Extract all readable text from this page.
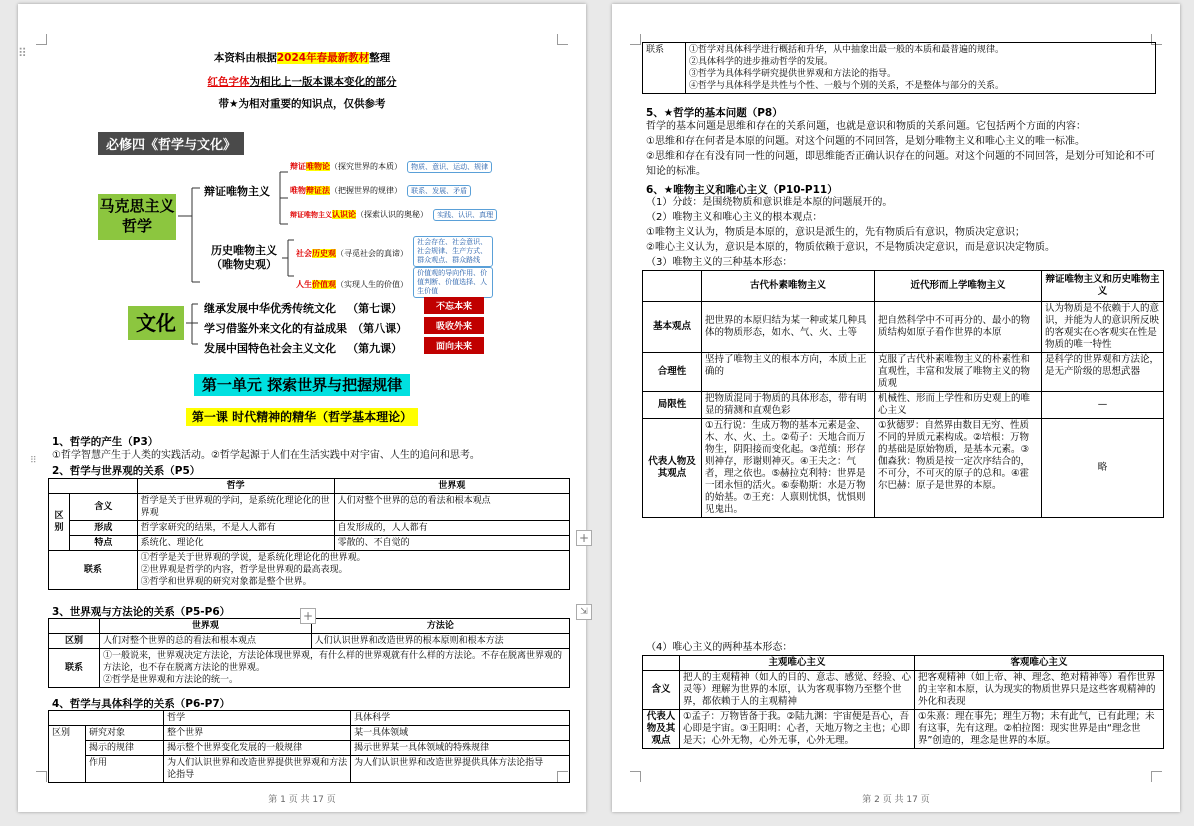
⠿	本资料由根据2024年春最新教材整理
红色字体为相比上一版本课本变化的部分
带★为相对重要的知识点，仅供参考
必修四《哲学与文化》
马克思主义哲学
辩证唯物主义
历史唯物主义（唯物史观）
辩证唯物论（探究世界的本质） 物质、意识、运动、规律
唯物辩证法（把握世界的规律） 联系、发展、矛盾
辩证唯物主义认识论（探索认识的奥秘） 实践、认识、真理
社会历史观（寻觅社会的真谛） 社会存在、社会意识、社会规律、生产方式、群众观点、群众路线
人生价值观（实现人生的价值） 价值观的导向作用、价值判断、价值选择、人生价值
文化
继承发展中华优秀传统文化 （第七课）	不忘本来
学习借鉴外来文化的有益成果 （第八课）	吸收外来
发展中国特色社会主义文化 （第九课）	面向未来
第一单元 探索世界与把握规律
第一课 时代精神的精华（哲学基本理论）
1、哲学的产生（P3）
①哲学智慧产生于人类的实践活动。②哲学起源于人们在生活实践中对宇宙、人生的追问和思考。
⠿
2、哲学与世界观的关系（P5）
		哲学	世界观
区别	含义	哲学是关于世界观的学问，是系统化理论化的世界观	人们对整个世界的总的看法和根本观点
	形成	哲学家研究的结果，不是人人都有	自发形成的，人人都有
	特点	系统化、理论化	零散的、不自觉的
联系		①哲学是关于世界观的学说，是系统化理论化的世界观。
②世界观是哲学的内容，哲学是世界观的最高表现。
③哲学和世界观的研究对象都是整个世界。	
3、世界观与方法论的关系（P5-P6）
	世界观	方法论
区别	人们对整个世界的总的看法和根本观点	人们认识世界和改造世界的根本原则和根本方法
联系	①一般说来，世界观决定方法论，方法论体现世界观，有什么样的世界观就有什么样的方法论。不存在脱离世界观的方法论，也不存在脱离方法论的世界观。
②哲学是世界观和方法论的统一。	
4、哲学与具体科学的关系（P6-P7）
		哲学	具体科学
区别	研究对象	整个世界	某一具体领域
	揭示的规律	揭示整个世界变化发展的一般规律	揭示世界某一具体领域的特殊规律
	作用	为人们认识世界和改造世界提供世界观和方法论指导	为人们认识世界和改造世界提供具体方法论指导
第 1 页 共 17 页
+
⇲
+
联系	①哲学对具体科学进行概括和升华，从中抽象出最一般的本质和最普遍的规律。
②具体科学的进步推动哲学的发展。
③哲学为具体科学研究提供世界观和方法论的指导。
④哲学与具体科学是共性与个性、一般与个别的关系，不是整体与部分的关系。
5、★哲学的基本问题（P8）
哲学的基本问题是思维和存在的关系问题，也就是意识和物质的关系问题。它包括两个方面的内容：
①思维和存在何者是本原的问题。对这个问题的不同回答，是划分唯物主义和唯心主义的唯一标准。
②思维和存在有没有同一性的问题，即思维能否正确认识存在的问题。对这个问题的不同回答，是划分可知论和不可知论的标准。
6、★唯物主义和唯心主义（P10-P11）
（1）分歧：是围绕物质和意识谁是本原的问题展开的。
（2）唯物主义和唯心主义的根本观点：
①唯物主义认为，物质是本原的，意识是派生的，先有物质后有意识，物质决定意识；
②唯心主义认为，意识是本原的，物质依赖于意识，不是物质决定意识，而是意识决定物质。
（3）唯物主义的三种基本形态：
	古代朴素唯物主义	近代形而上学唯物主义	辩证唯物主义和历史唯物主义
基本观点	把世界的本原归结为某一种或某几种具体的物质形态，如水、气、火、土等	把自然科学中不可再分的、最小的物质结构如原子看作世界的本原	认为物质是不依赖于人的意识，并能为人的意识所反映的客观实在◇客观实在性是物质的唯一特性
合理性	坚持了唯物主义的根本方向，本质上正确的	克服了古代朴素唯物主义的朴素性和直观性，丰富和发展了唯物主义的物质观	是科学的世界观和方法论，是无产阶级的思想武器
局限性	把物质混同于物质的具体形态，带有明显的猜测和直观色彩	机械性、形而上学性和历史观上的唯心主义	—
代表人物及其观点	①五行说：生成万物的基本元素是金、木、水、火、土。②荀子：天地合而万物生，阴阳接而变化起。③范缜：形存则神存，形谢则神灭。④王夫之：气者，理之依也。⑤赫拉克利特：世界是一团永恒的活火。⑥泰勒斯：水是万物的始基。⑦王充：人禀则忧惧，忧惧则见鬼出。	①狄德罗：自然界由数目无穷、性质不同的异质元素构成。②培根：万物的基础是原始物质，是基本元素。③伽森狄：物质是按一定次序结合的，不可分，不可灭的原子的总和。④霍尔巴赫：原子是世界的本原。	略
（4）唯心主义的两种基本形态：
	主观唯心主义	客观唯心主义
含义	把人的主观精神（如人的目的、意志、感觉、经验、心灵等）理解为世界的本原，认为客观事物乃至整个世界，都依赖于人的主观精神	把客观精神（如上帝、神、理念、绝对精神等）看作世界的主宰和本原，认为现实的物质世界只是这些客观精神的外化和表现
代表人物及其观点	①孟子：万物皆备于我。②陆九渊：宇宙便是吾心，吾心即是宇宙。③王阳明：心者，天地万物之主也；心即是天；心外无物，心外无事，心外无理。	①朱熹：理在事先；理生万物；未有此气，已有此理；未有这事，先有这理。②柏拉图：现实世界是由“理念世界”创造的，理念是世界的本原。
第 2 页 共 17 页
